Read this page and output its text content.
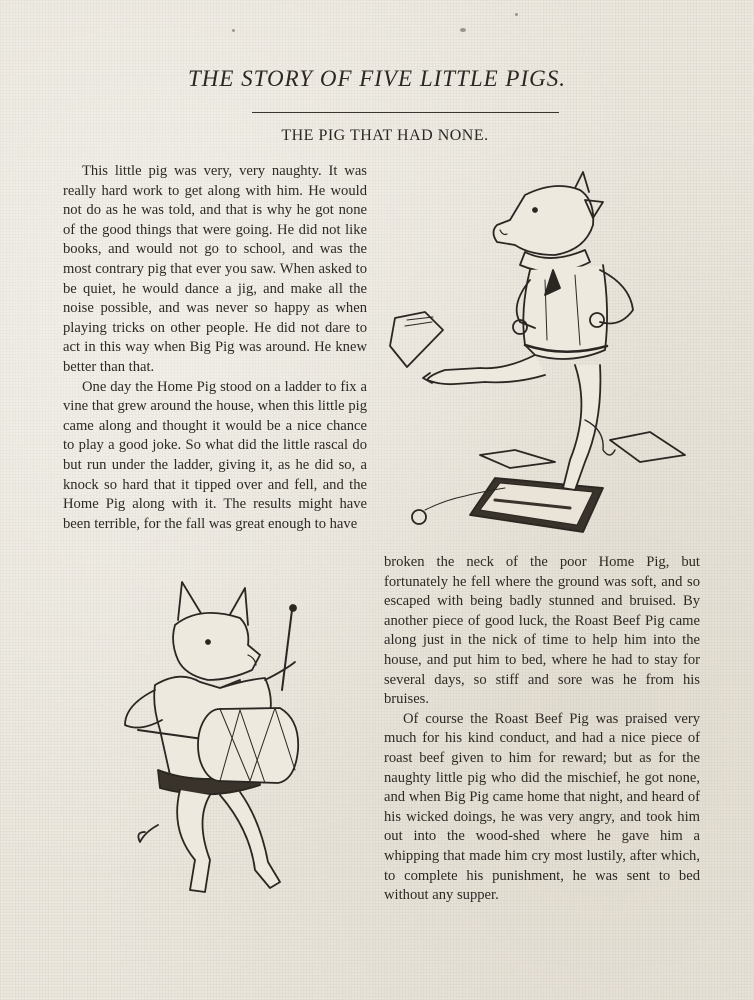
THE STORY OF FIVE LITTLE PIGS.
THE PIG THAT HAD NONE.

This little pig was very, very naughty. It was really hard work to get along with him. He would not do as he was told, and that is why he got none of the good things that were going. He did not like books, and would not go to school, and was the most contrary pig that ever you saw. When asked to be quiet, he would dance a jig, and make all the noise possible, and was never so happy as when playing tricks on other people. He did not dare to act in this way when Big Pig was around. He knew better than that.

One day the Home Pig stood on a ladder to fix a vine that grew around the house, when this little pig came along and thought it would be a nice chance to play a good joke. So what did the little rascal do but run under the ladder, giving it, as he did so, a knock so hard that it tipped over and fell, and the Home Pig along with it. The results might have been terrible, for the fall was great enough to have

broken the neck of the poor Home Pig, but fortunately he fell where the ground was soft, and so escaped with being badly stunned and bruised. By another piece of good luck, the Roast Beef Pig came along just in the nick of time to help him into the house, and put him to bed, where he had to stay for several days, so stiff and sore was he from his bruises.

Of course the Roast Beef Pig was praised very much for his kind conduct, and had a nice piece of roast beef given to him for reward; but as for the naughty little pig who did the mischief, he got none, and when Big Pig came home that night, and heard of his wicked doings, he was very angry, and took him out into the wood-shed where he gave him a whipping that made him cry most lustily, after which, to complete his punishment, he was sent to bed without any supper.
